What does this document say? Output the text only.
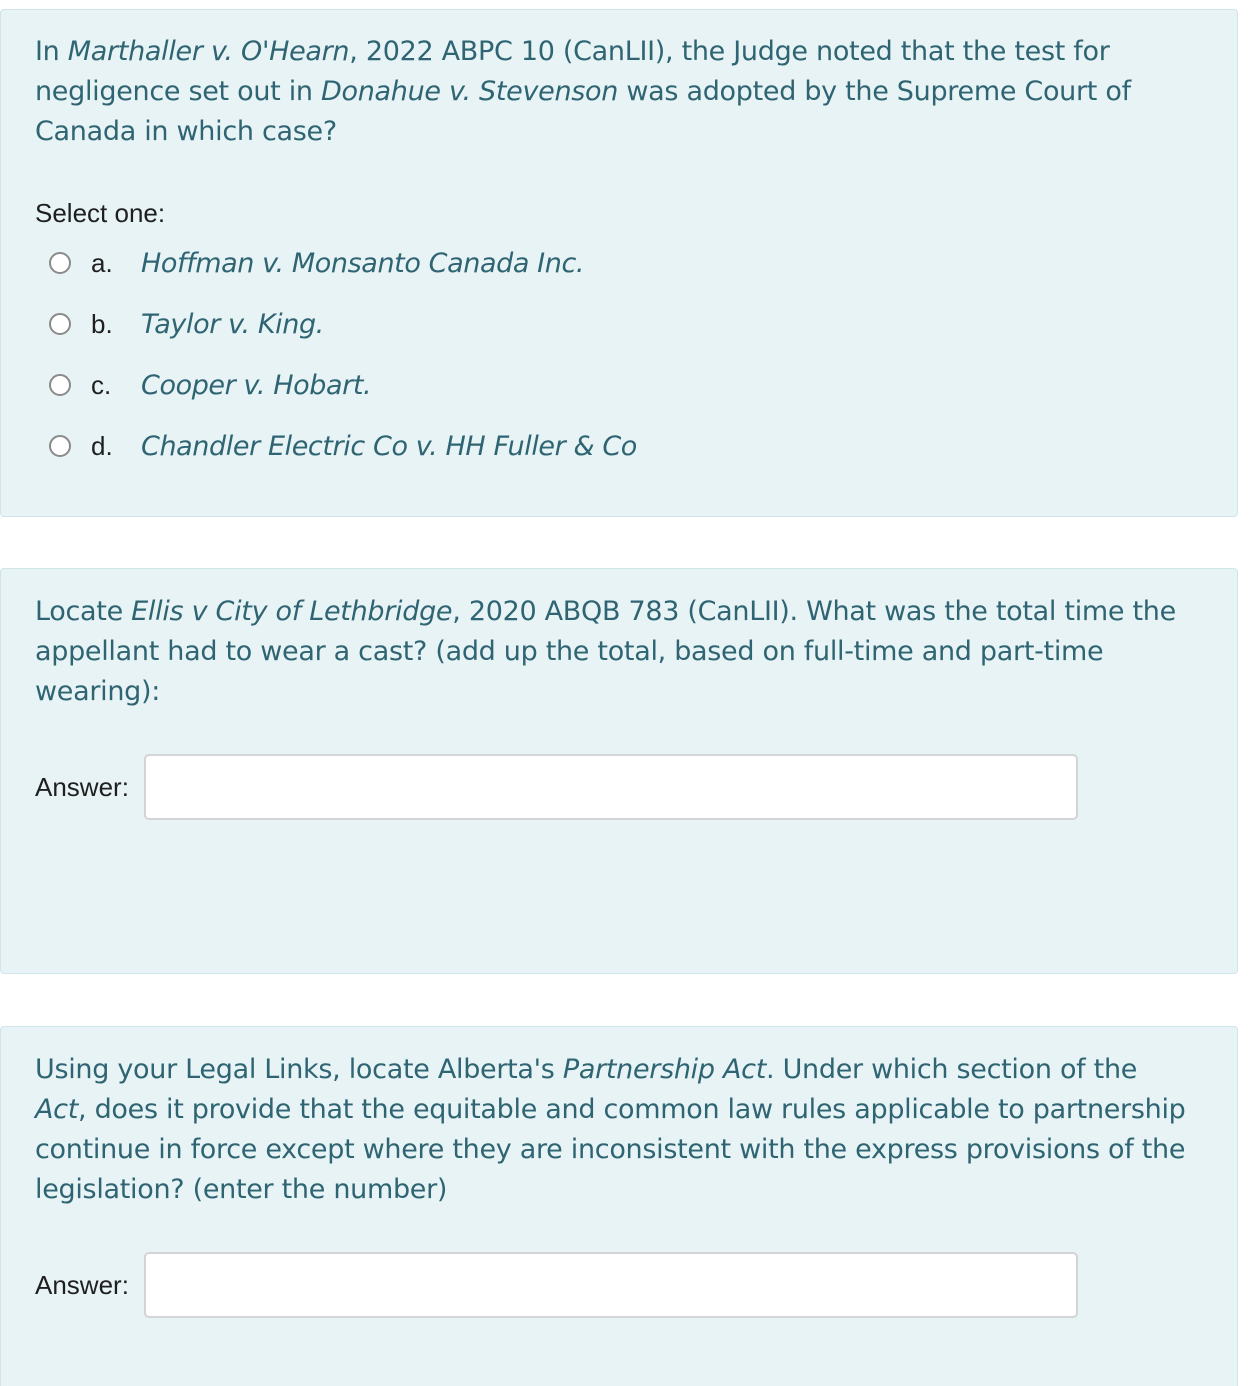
In Marthaller v. O'Hearn, 2022 ABPC 10 (CanLII), the Judge noted that the test for negligence set out in Donahue v. Stevenson was adopted by the Supreme Court of Canada in which case?
Select one:
a. Hoffman v. Monsanto Canada Inc.
b. Taylor v. King.
c. Cooper v. Hobart.
d. Chandler Electric Co v. HH Fuller & Co
Locate Ellis v City of Lethbridge, 2020 ABQB 783 (CanLII). What was the total time the appellant had to wear a cast? (add up the total, based on full-time and part-time wearing):
Answer:
Using your Legal Links, locate Alberta's Partnership Act. Under which section of the Act, does it provide that the equitable and common law rules applicable to partnership continue in force except where they are inconsistent with the express provisions of the legislation? (enter the number)
Answer:
